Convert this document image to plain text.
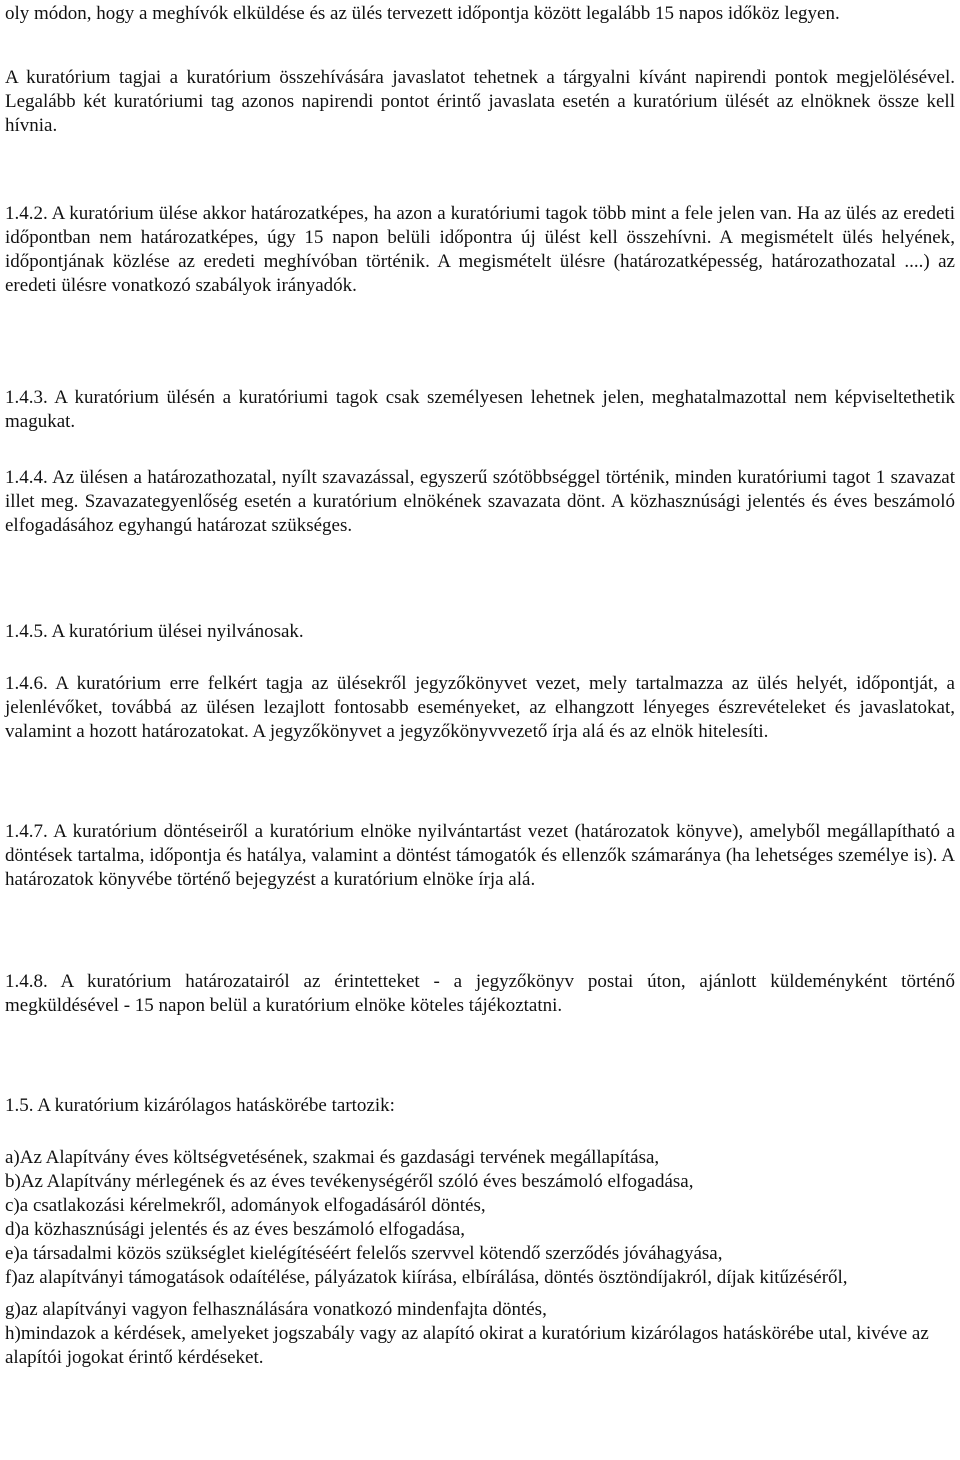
oly módon, hogy a meghívók elküldése és az ülés tervezett időpontja között legalább 15 napos időköz legyen.

A kuratórium tagjai a kuratórium összehívására javaslatot tehetnek a tárgyalni kívánt napirendi pontok megjelölésével. Legalább két kuratóriumi tag azonos napirendi pontot érintő javaslata esetén a kuratórium ülését az elnöknek össze kell hívnia.

1.4.2. A kuratórium ülése akkor határozatképes, ha azon a kuratóriumi tagok több mint a fele jelen van. Ha az ülés az eredeti időpontban nem határozatképes, úgy 15 napon belüli időpontra új ülést kell összehívni. A megismételt ülés helyének, időpontjának közlése az eredeti meghívóban történik. A megismételt ülésre (határozatképesség, határozathozatal ....) az eredeti ülésre vonatkozó szabályok irányadók.

1.4.3. A kuratórium ülésén a kuratóriumi tagok csak személyesen lehetnek jelen, meghatalmazottal nem képviseltethetik magukat.

1.4.4. Az ülésen a határozathozatal, nyílt szavazással, egyszerű szótöbbséggel történik, minden kuratóriumi tagot 1 szavazat illet meg. Szavazategyenlőség esetén a kuratórium elnökének szavazata dönt. A közhasznúsági jelentés és éves beszámoló elfogadásához egyhangú határozat szükséges.

1.4.5. A kuratórium ülései nyilvánosak.

1.4.6. A kuratórium erre felkért tagja az ülésekről jegyzőkönyvet vezet, mely tartalmazza az ülés helyét, időpontját, a jelenlévőket, továbbá az ülésen lezajlott fontosabb eseményeket, az elhangzott lényeges észrevételeket és javaslatokat, valamint a hozott határozatokat. A jegyzőkönyvet a jegyzőkönyvvezető írja alá és az elnök hitelesíti.

1.4.7. A kuratórium döntéseiről a kuratórium elnöke nyilvántartást vezet (határozatok könyve), amelyből megállapítható a döntések tartalma, időpontja és hatálya, valamint a döntést támogatók és ellenzők számaránya (ha lehetséges személye is). A határozatok könyvébe történő bejegyzést a kuratórium elnöke írja alá.

1.4.8. A kuratórium határozatairól az érintetteket - a jegyzőkönyv postai úton, ajánlott küldeményként történő megküldésével - 15 napon belül a kuratórium elnöke köteles tájékoztatni.

1.5. A kuratórium kizárólagos hatáskörébe tartozik:

a)Az Alapítvány éves költségvetésének, szakmai és gazdasági tervének megállapítása,
b)Az Alapítvány mérlegének és az éves tevékenységéről szóló éves beszámoló elfogadása,
c)a csatlakozási kérelmekről, adományok elfogadásáról döntés,
d)a közhasznúsági jelentés és az éves beszámoló elfogadása,
e)a társadalmi közös szükséglet kielégítéséért felelős szervvel kötendő szerződés jóváhagyása,
f)az alapítványi támogatások odaítélése, pályázatok kiírása, elbírálása, döntés ösztöndíjakról, díjak kitűzéséről,
g)az alapítványi vagyon felhasználására vonatkozó mindenfajta döntés,
h)mindazok a kérdések, amelyeket jogszabály vagy az alapító okirat a kuratórium kizárólagos hatáskörébe utal, kivéve az alapítói jogokat érintő kérdéseket.
